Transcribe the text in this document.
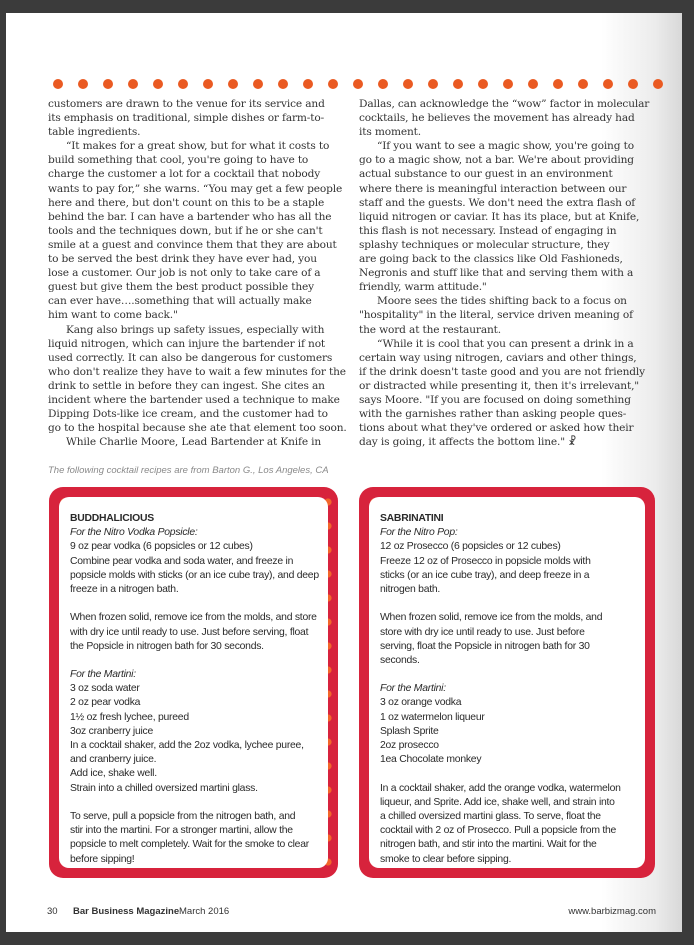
customers are drawn to the venue for its service and
its emphasis on traditional, simple dishes or farm-to-
table ingredients.
“It makes for a great show, but for what it costs to
build something that cool, you're going to have to
charge the customer a lot for a cocktail that nobody
wants to pay for,” she warns. “You may get a few people
here and there, but don't count on this to be a staple
behind the bar. I can have a bartender who has all the
tools and the techniques down, but if he or she can't
smile at a guest and convince them that they are about
to be served the best drink they have ever had, you
lose a customer. Our job is not only to take care of a
guest but give them the best product possible they
can ever have….something that will actually make
him want to come back."
Kang also brings up safety issues, especially with
liquid nitrogen, which can injure the bartender if not
used correctly. It can also be dangerous for customers
who don't realize they have to wait a few minutes for the
drink to settle in before they can ingest. She cites an
incident where the bartender used a technique to make
Dipping Dots-like ice cream, and the customer had to
go to the hospital because she ate that element too soon.
While Charlie Moore, Lead Bartender at Knife in
Dallas, can acknowledge the “wow” factor in molecular
cocktails, he believes the movement has already had
its moment.
“If you want to see a magic show, you're going to
go to a magic show, not a bar. We're about providing
actual substance to our guest in an environment
where there is meaningful interaction between our
staff and the guests. We don't need the extra flash of
liquid nitrogen or caviar. It has its place, but at Knife,
this flash is not necessary. Instead of engaging in
splashy techniques or molecular structure, they
are going back to the classics like Old Fashioneds,
Negronis and stuff like that and serving them with a
friendly, warm attitude."
Moore sees the tides shifting back to a focus on
"hospitality" in the literal, service driven meaning of
the word at the restaurant.
“While it is cool that you can present a drink in a
certain way using nitrogen, caviars and other things,
if the drink doesn't taste good and you are not friendly
or distracted while presenting it, then it's irrelevant,"
says Moore. "If you are focused on doing something
with the garnishes rather than asking people ques-
tions about what they've ordered or asked how their
day is going, it affects the bottom line." ☧
The following cocktail recipes are from Barton G., Los Angeles, CA
BUDDHALICIOUS
For the Nitro Vodka Popsicle:
9 oz pear vodka (6 popsicles or 12 cubes)
Combine pear vodka and soda water, and freeze in
popsicle molds with sticks (or an ice cube tray), and deep
freeze in a nitrogen bath.
When frozen solid, remove ice from the molds, and store
with dry ice until ready to use. Just before serving, float
the Popsicle in nitrogen bath for 30 seconds.
For the Martini:
3 oz soda water
2 oz pear vodka
1½ oz fresh lychee, pureed
3oz cranberry juice
In a cocktail shaker, add the 2oz vodka, lychee puree,
and cranberry juice.
Add ice, shake well.
Strain into a chilled oversized martini glass.
To serve, pull a popsicle from the nitrogen bath, and
stir into the martini. For a stronger martini, allow the
popsicle to melt completely. Wait for the smoke to clear
before sipping!
SABRINATINI
For the Nitro Pop:
12 oz Prosecco (6 popsicles or 12 cubes)
Freeze 12 oz of Prosecco in popsicle molds with
sticks (or an ice cube tray), and deep freeze in a
nitrogen bath.
When frozen solid, remove ice from the molds, and
store with dry ice until ready to use. Just before
serving, float the Popsicle in nitrogen bath for 30
seconds.
For the Martini:
3 oz orange vodka
1 oz watermelon liqueur
Splash Sprite
2oz prosecco
1ea Chocolate monkey
In a cocktail shaker, add the orange vodka, watermelon
liqueur, and Sprite. Add ice, shake well, and strain into
a chilled oversized martini glass. To serve, float the
cocktail with 2 oz of Prosecco. Pull a popsicle from the
nitrogen bath, and stir into the martini. Wait for the
smoke to clear before sipping.
30 Bar Business Magazine March 2016	www.barbizmag.com
